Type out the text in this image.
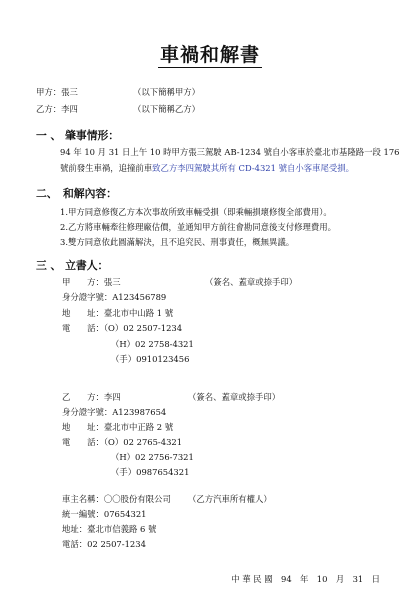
車禍和解書
甲方：張三	（以下簡稱甲方）
乙方：李四	（以下簡稱乙方）
一 、 肇事情形：
94 年 10 月 31 日上午 10 時甲方張三駕駛 AB-1234 號自小客車於臺北市基隆路一段 176
號前發生車禍，追撞前車致乙方李四駕駛其所有 CD-4321 號自小客車尾受損。
二、　和解內容：
1.甲方同意修復乙方本次事故所致車輛受損（即乘輛損壞修復全部費用）。
2.乙方將車輛牽往修理廠估價，並通知甲方前往會勘同意後支付修理費用。
3.雙方同意依此圓滿解決，且不追究民、刑事責任，概無異議。
三 、 立書人：
甲　　方：張三	（簽名、蓋章或捺手印）
身分證字號：A123456789
地　　址：臺北市中山路 1 號
電　　話：（O）02 2507-1234
（H）02 2758-4321
（手）0910123456
乙　　方：李四	（簽名、蓋章或捺手印）
身分證字號：A123987654
地　　址：臺北市中正路 2 號
電　　話：（O）02 2765-4321
（H）02 2756-7321
（手）0987654321
車主名稱：〇〇股份有限公司 （乙方汽車所有權人）
統一編號：07654321
地址：臺北市信義路 6 號
電話：02 2507-1234
中 華 民 國　94　年　10　月　31　日
